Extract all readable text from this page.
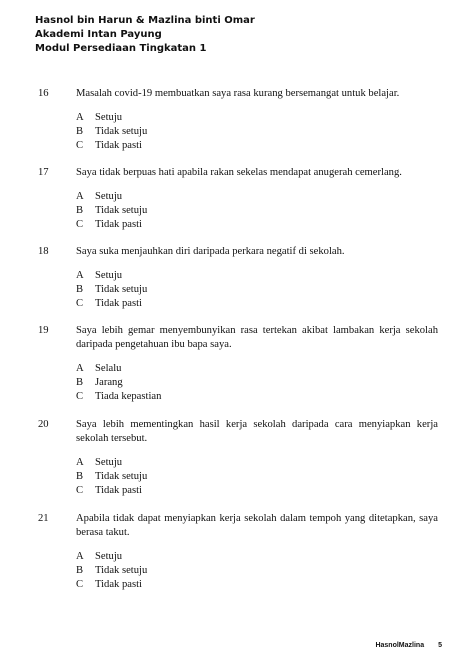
Hasnol bin Harun & Mazlina binti Omar
Akademi Intan Payung
Modul Persediaan Tingkatan 1
16	Masalah covid-19 membuatkan saya rasa kurang bersemangat untuk belajar.
A	Setuju
B	Tidak setuju
C	Tidak pasti
17	Saya tidak berpuas hati apabila rakan sekelas mendapat anugerah cemerlang.
A	Setuju
B	Tidak setuju
C	Tidak pasti
18	Saya suka menjauhkan diri daripada perkara negatif di sekolah.
A	Setuju
B	Tidak setuju
C	Tidak pasti
19	Saya lebih gemar menyembunyikan rasa tertekan akibat lambakan kerja sekolah daripada pengetahuan ibu bapa saya.
A	Selalu
B	Jarang
C	Tiada kepastian
20	Saya lebih mementingkan hasil kerja sekolah daripada cara menyiapkan kerja sekolah tersebut.
A	Setuju
B	Tidak setuju
C	Tidak pasti
21	Apabila tidak dapat menyiapkan kerja sekolah dalam tempoh yang ditetapkan, saya berasa takut.
A	Setuju
B	Tidak setuju
C	Tidak pasti
HasnolMazlina 5
